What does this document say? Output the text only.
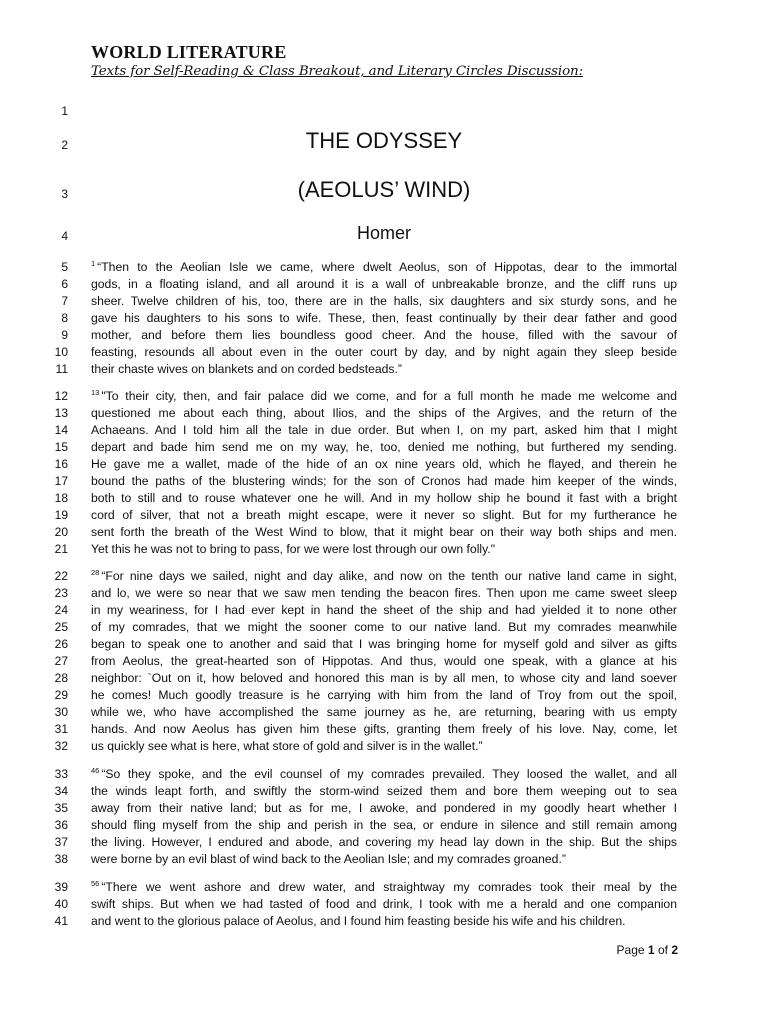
WORLD LITERATURE
Texts for Self-Reading & Class Breakout, and Literary Circles Discussion:
1
2
3
4
5
6
7
8
9
10
11
12
13
14
15
16
17
18
19
20
21
22
23
24
25
26
27
28
29
30
31
32
33
34
35
36
37
38
39
40
41
THE ODYSSEY
(AEOLUS’ WIND)
Homer
$^1$ “Then to the Aeolian Isle we came, where dwelt Aeolus, son of Hippotas, dear to the immortal
gods, in a floating island, and all around it is a wall of unbreakable bronze, and the cliff runs up
sheer. Twelve children of his, too, there are in the halls, six daughters and six sturdy sons, and he
gave his daughters to his sons to wife. These, then, feast continually by their dear father and good
mother, and before them lies boundless good cheer. And the house, filled with the savour of
feasting, resounds all about even in the outer court by day, and by night again they sleep beside
their chaste wives on blankets and on corded bedsteads.”
$^{13}$ "To their city, then, and fair palace did we come, and for a full month he made me welcome and
questioned me about each thing, about Ilios, and the ships of the Argives, and the return of the
Achaeans. And I told him all the tale in due order. But when I, on my part, asked him that I might
depart and bade him send me on my way, he, too, denied me nothing, but furthered my sending.
He gave me a wallet, made of the hide of an ox nine years old, which he flayed, and therein he
bound the paths of the blustering winds; for the son of Cronos had made him keeper of the winds,
both to still and to rouse whatever one he will. And in my hollow ship he bound it fast with a bright
cord of silver, that not a breath might escape, were it never so slight. But for my furtherance he
sent forth the breath of the West Wind to blow, that it might bear on their way both ships and men.
Yet this he was not to bring to pass, for we were lost through our own folly."
$^{28}$ “For nine days we sailed, night and day alike, and now on the tenth our native land came in sight,
and lo, we were so near that we saw men tending the beacon fires. Then upon me came sweet sleep
in my weariness, for I had ever kept in hand the sheet of the ship and had yielded it to none other
of my comrades, that we might the sooner come to our native land. But my comrades meanwhile
began to speak one to another and said that I was bringing home for myself gold and silver as gifts
from Aeolus, the great-hearted son of Hippotas. And thus, would one speak, with a glance at his
neighbor: `Out on it, how beloved and honored this man is by all men, to whose city and land soever
he comes! Much goodly treasure is he carrying with him from the land of Troy from out the spoil,
while we, who have accomplished the same journey as he, are returning, bearing with us empty
hands. And now Aeolus has given him these gifts, granting them freely of his love. Nay, come, let
us quickly see what is here, what store of gold and silver is in the wallet.”
$^{46}$ “So they spoke, and the evil counsel of my comrades prevailed. They loosed the wallet, and all
the winds leapt forth, and swiftly the storm-wind seized them and bore them weeping out to sea
away from their native land; but as for me, I awoke, and pondered in my goodly heart whether I
should fling myself from the ship and perish in the sea, or endure in silence and still remain among
the living. However, I endured and abode, and covering my head lay down in the ship. But the ships
were borne by an evil blast of wind back to the Aeolian Isle; and my comrades groaned.”
$^{56}$ “There we went ashore and drew water, and straightway my comrades took their meal by the
swift ships. But when we had tasted of food and drink, I took with me a herald and one companion
and went to the glorious palace of Aeolus, and I found him feasting beside his wife and his children.
Page 1 of 2
